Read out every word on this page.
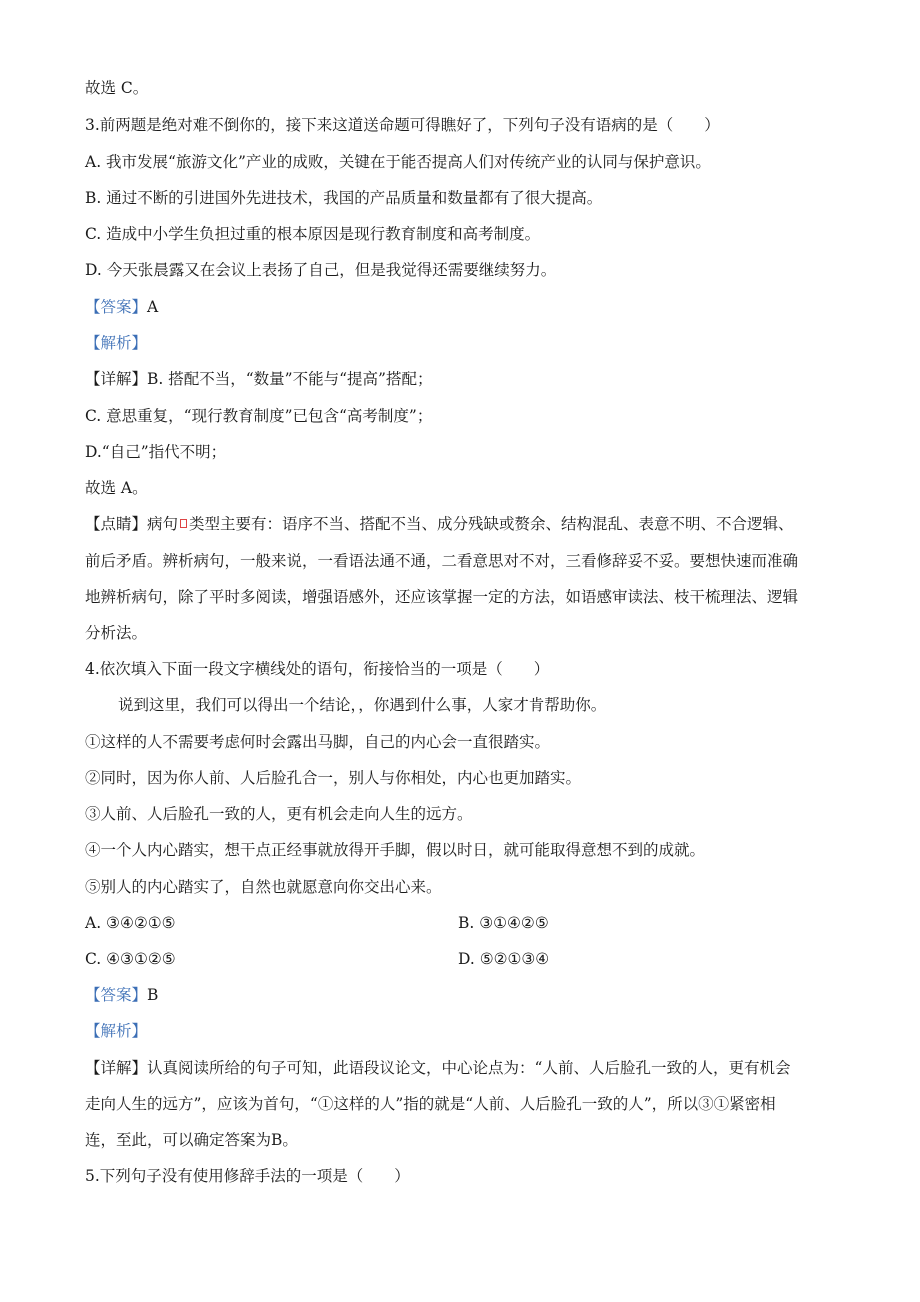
故选 C。

3.前两题是绝对难不倒你的，接下来这道送命题可得瞧好了，下列句子没有语病的是（　　）

A. 我市发展“旅游文化”产业的成败，关键在于能否提高人们对传统产业的认同与保护意识。

B. 通过不断的引进国外先进技术，我国的产品质量和数量都有了很大提高。

C. 造成中小学生负担过重的根本原因是现行教育制度和高考制度。

D. 今天张晨露又在会议上表扬了自己，但是我觉得还需要继续努力。

【答案】A

【解析】

【详解】B. 搭配不当，“数量”不能与“提高”搭配；

C. 意思重复，“现行教育制度”已包含“高考制度”；

D.“自己”指代不明；

故选 A。

【点睛】病句 类型主要有：语序不当、搭配不当、成分残缺或赘余、结构混乱、表意不明、不合逻辑、

前后矛盾。辨析病句，一般来说，一看语法通不通，二看意思对不对，三看修辞妥不妥。要想快速而准确

地辨析病句，除了平时多阅读，增强语感外，还应该掌握一定的方法，如语感审读法、枝干梳理法、逻辑

分析法。

4.依次填入下面一段文字横线处的语句，衔接恰当的一项是（　　）

说到这里，我们可以得出一个结论，，你遇到什么事，人家才肯帮助你。

①这样的人不需要考虑何时会露出马脚，自己的内心会一直很踏实。

②同时，因为你人前、人后脸孔合一，别人与你相处，内心也更加踏实。

③人前、人后脸孔一致的人，更有机会走向人生的远方。

④一个人内心踏实，想干点正经事就放得开手脚，假以时日，就可能取得意想不到的成就。

⑤别人的内心踏实了，自然也就愿意向你交出心来。

A. ③④②①⑤	B. ③①④②⑤

C. ④③①②⑤	D. ⑤②①③④

【答案】B

【解析】

【详解】认真阅读所给的句子可知，此语段议论文，中心论点为：“人前、人后脸孔一致的人，更有机会

走向人生的远方”，应该为首句，“①这样的人”指的就是“人前、人后脸孔一致的人”，所以③①紧密相

连，至此，可以确定答案为B。

5.下列句子没有使用修辞手法的一项是（　　）
